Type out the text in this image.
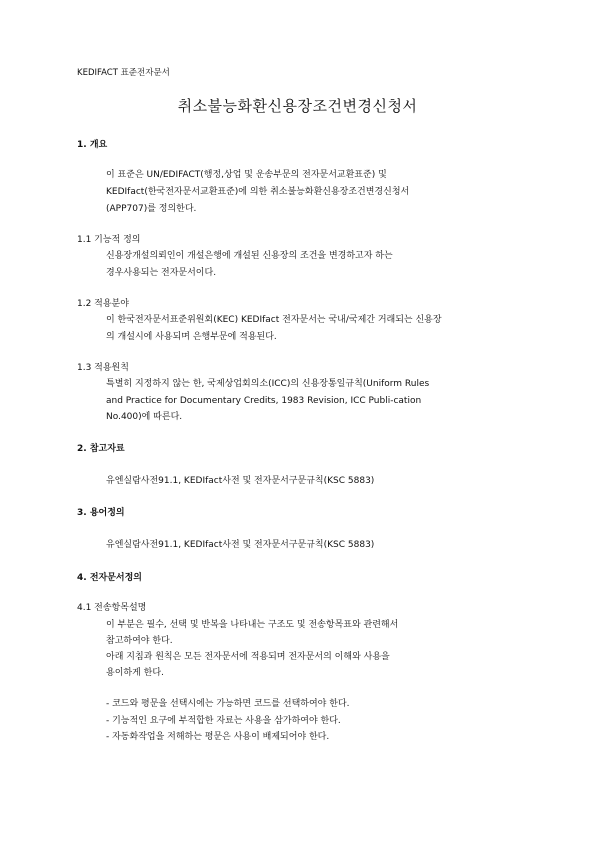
KEDIFACT 표준전자문서
취소불능화환신용장조건변경신청서
1. 개요
이 표준은 UN/EDIFACT(행정,상업 및 운송부문의 전자문서교환표준) 및
KEDIfact(한국전자문서교환표준)에 의한 취소불능화환신용장조건변경신청서
(APP707)를 정의한다.
1.1 기능적 정의
신용장개설의뢰인이 개설은행에 개설된 신용장의 조건을 변경하고자 하는
경우사용되는 전자문서이다.
1.2 적용분야
이 한국전자문서표준위원회(KEC) KEDIfact 전자문서는 국내/국제간 거래되는 신용장
의 개설시에 사용되며 은행부문에 적용된다.
1.3 적용원칙
특별히 지정하지 않는 한, 국제상업회의소(ICC)의 신용장통일규칙(Uniform Rules
and Practice for Documentary Credits, 1983 Revision, ICC Publi-cation
No.400)에 따른다.
2. 참고자료
유엔실람사전91.1, KEDIfact사전 및 전자문서구문규칙(KSC 5883)
3. 용어정의
유엔실람사전91.1, KEDIfact사전 및 전자문서구문규칙(KSC 5883)
4. 전자문서정의
4.1 전송항목설명
이 부분은 필수, 선택 및 반복을 나타내는 구조도 및 전송항목표와 관련해서
참고하여야 한다.
아래 지침과 원칙은 모든 전자문서에 적용되며 전자문서의 이해와 사용을
용이하게 한다.
- 코드와 평문을 선택시에는 가능하면 코드를 선택하여야 한다.
- 기능적인 요구에 부적합한 자료는 사용을 삼가하여야 한다.
- 자동화작업을 저해하는 평문은 사용이 배제되어야 한다.
